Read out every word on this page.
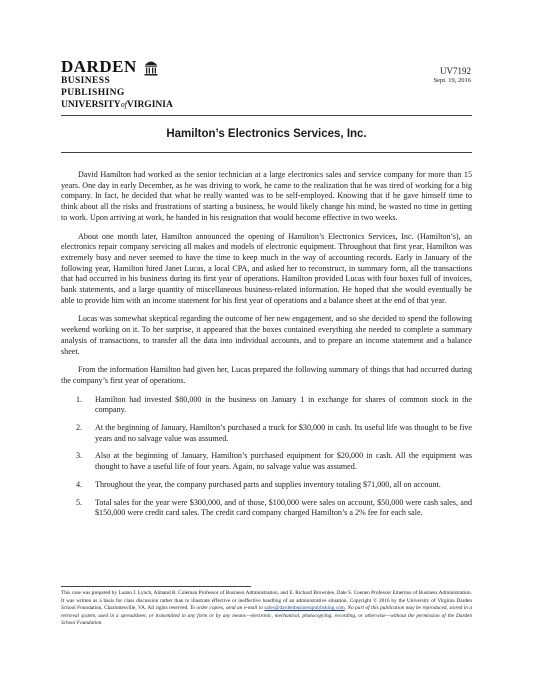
DARDEN
BUSINESS PUBLISHING
UNIVERSITYofVIRGINIA
UV7192
Sept. 19, 2016
Hamilton’s Electronics Services, Inc.

David Hamilton had worked as the senior technician at a large electronics sales and service company for more than 15 years. One day in early December, as he was driving to work, he came to the realization that he was tired of working for a big company. In fact, he decided that what he really wanted was to be self-employed. Knowing that if he gave himself time to think about all the risks and frustrations of starting a business, he would likely change his mind, he wasted no time in getting to work. Upon arriving at work, he handed in his resignation that would become effective in two weeks.

About one month later, Hamilton announced the opening of Hamilton’s Electronics Services, Inc. (Hamilton’s), an electronics repair company servicing all makes and models of electronic equipment. Throughout that first year, Hamilton was extremely busy and never seemed to have the time to keep much in the way of accounting records. Early in January of the following year, Hamilton hired Janet Lucas, a local CPA, and asked her to reconstruct, in summary form, all the transactions that had occurred in his business during its first year of operations. Hamilton provided Lucas with four boxes full of invoices, bank statements, and a large quantity of miscellaneous business-related information. He hoped that she would eventually be able to provide him with an income statement for his first year of operations and a balance sheet at the end of that year.

Lucas was somewhat skeptical regarding the outcome of her new engagement, and so she decided to spend the following weekend working on it. To her surprise, it appeared that the boxes contained everything she needed to complete a summary analysis of transactions, to transfer all the data into individual accounts, and to prepare an income statement and a balance sheet.

From the information Hamilton had given her, Lucas prepared the following summary of things that had occurred during the company’s first year of operations.

1. Hamilton had invested $80,000 in the business on January 1 in exchange for shares of common stock in the company.
2. At the beginning of January, Hamilton’s purchased a truck for $30,000 in cash. Its useful life was thought to be five years and no salvage value was assumed.
3. Also at the beginning of January, Hamilton’s purchased equipment for $20,000 in cash. All the equipment was thought to have a useful life of four years. Again, no salvage value was assumed.
4. Throughout the year, the company purchased parts and supplies inventory totaling $71,000, all on account.
5. Total sales for the year were $300,000, and of those, $100,000 were sales on account, $50,000 were cash sales, and $150,000 were credit card sales. The credit card company charged Hamilton’s a 2% fee for each sale.

This case was prepared by Luann J. Lynch, Almand R. Coleman Professor of Business Administration, and E. Richard Brownlee, Dale S. Coenen Professor Emeritus of Business Administration. It was written as a basis for class discussion rather than to illustrate effective or ineffective handling of an administrative situation. Copyright © 2016 by the University of Virginia Darden School Foundation, Charlottesville, VA. All rights reserved. To order copies, send an e-mail to sales@dardenbusinesspublishing.com. No part of this publication may be reproduced, stored in a retrieval system, used in a spreadsheet, or transmitted in any form or by any means—electronic, mechanical, photocopying, recording, or otherwise—without the permission of the Darden School Foundation.
